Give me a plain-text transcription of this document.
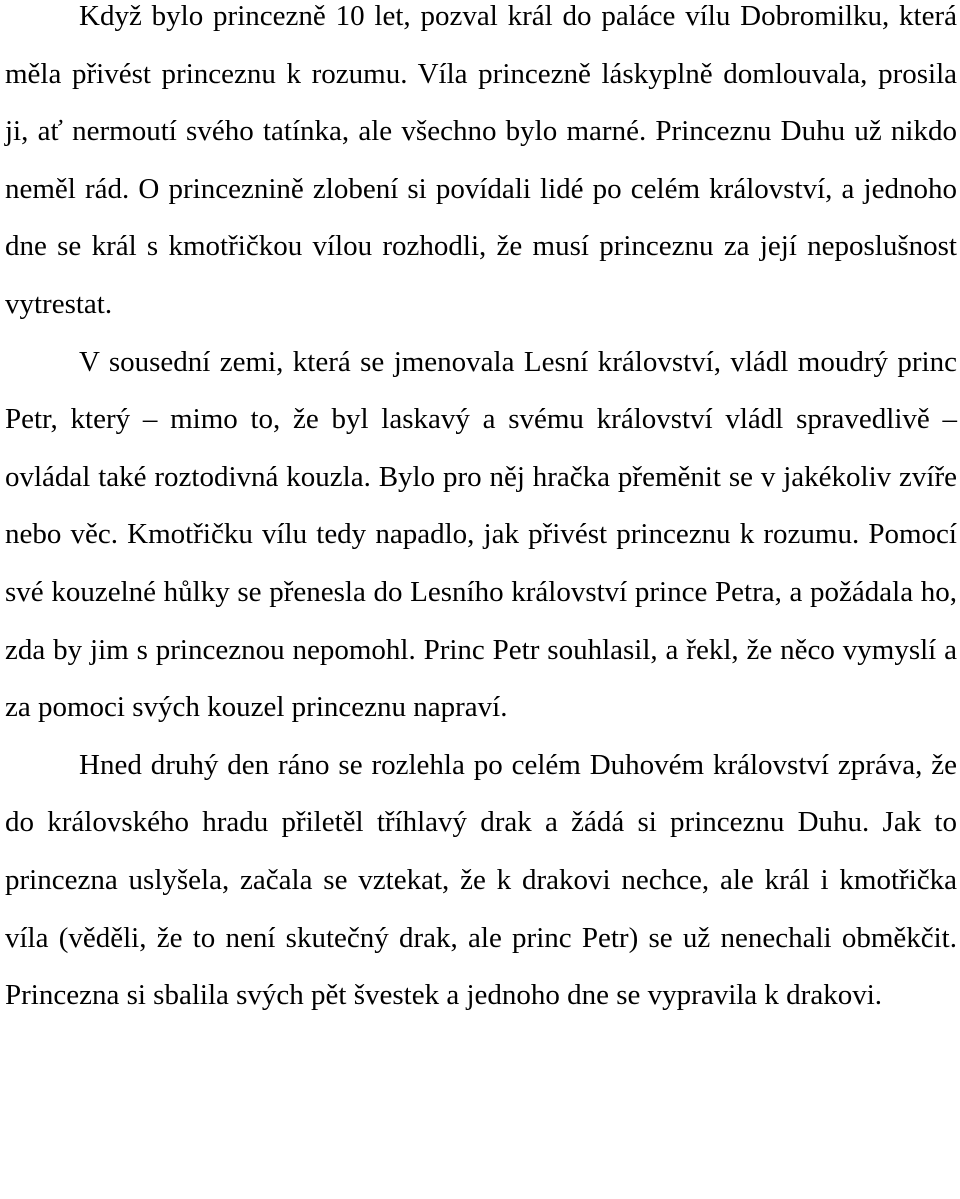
Když bylo princezně 10 let, pozval král do paláce vílu Dobromilku, která měla přivést princeznu k rozumu. Víla princezně láskyplně domlouvala, prosila ji, ať nermoutí svého tatínka, ale všechno bylo marné. Princeznu Duhu už nikdo neměl rád. O princeznině zlobení si povídali lidé po celém království, a jednoho dne se král s kmotřičkou vílou rozhodli, že musí princeznu za její neposlušnost vytrestat.

V sousední zemi, která se jmenovala Lesní království, vládl moudrý princ Petr, který – mimo to, že byl laskavý a svému království vládl spravedlivě – ovládal také roztodivná kouzla. Bylo pro něj hračka přeměnit se v jakékoliv zvíře nebo věc. Kmotřičku vílu tedy napadlo, jak přivést princeznu k rozumu. Pomocí své kouzelné hůlky se přenesla do Lesního království prince Petra, a požádala ho, zda by jim s princeznou nepomohl. Princ Petr souhlasil, a řekl, že něco vymyslí a za pomoci svých kouzel princeznu napraví.

Hned druhý den ráno se rozlehla po celém Duhovém království zpráva, že do královského hradu přiletěl tříhlavý drak a žádá si princeznu Duhu. Jak to princezna uslyšela, začala se vztekat, že k drakovi nechce, ale král i kmotřička víla (věděli, že to není skutečný drak, ale princ Petr) se už nenechali obměkčit. Princezna si sbalila svých pět švestek a jednoho dne se vypravila k drakovi.
